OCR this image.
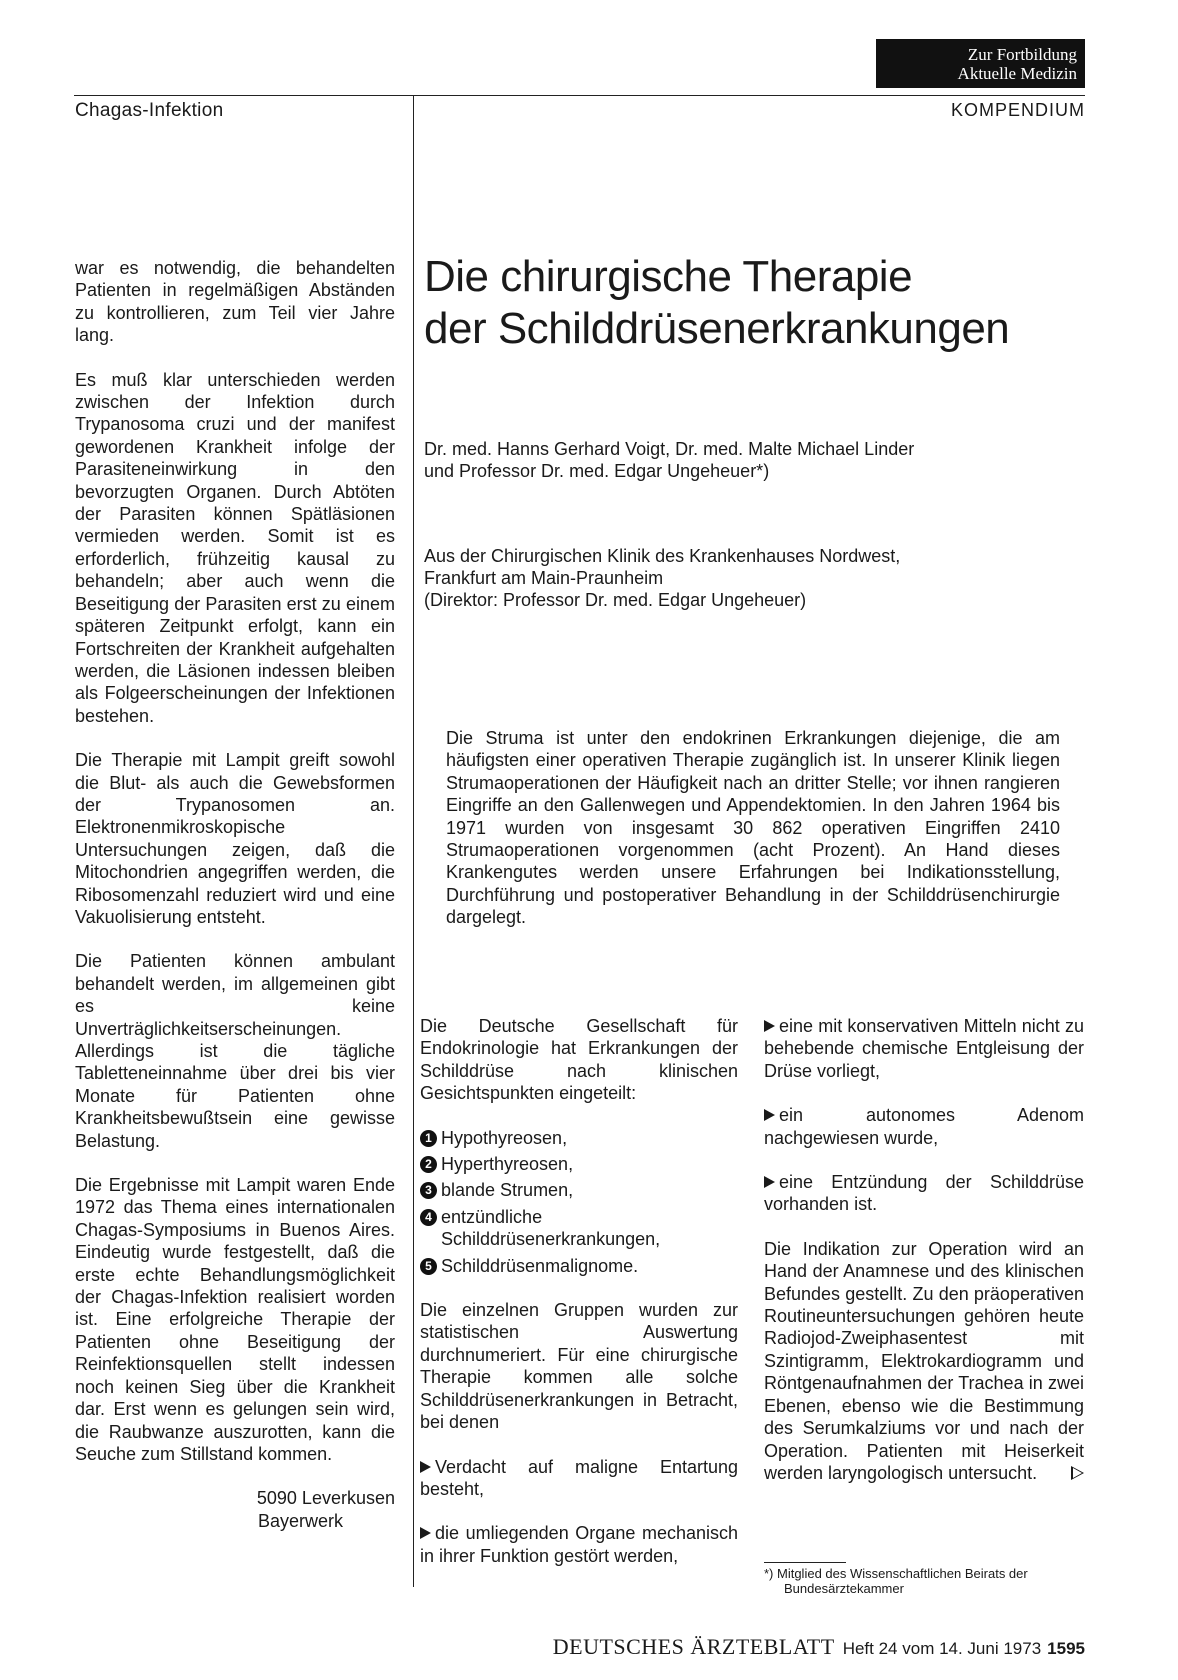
Zur Fortbildung
Aktuelle Medizin
Chagas-Infektion	KOMPENDIUM

war es notwendig, die behandelten Patienten in regelmäßigen Abständen zu kontrollieren, zum Teil vier Jahre lang.

Es muß klar unterschieden werden zwischen der Infektion durch Trypanosoma cruzi und der manifest gewordenen Krankheit infolge der Parasiteneinwirkung in den bevorzugten Organen. Durch Abtöten der Parasiten können Spätläsionen vermieden werden. Somit ist es erforderlich, frühzeitig kausal zu behandeln; aber auch wenn die Beseitigung der Parasiten erst zu einem späteren Zeitpunkt erfolgt, kann ein Fortschreiten der Krankheit aufgehalten werden, die Läsionen indessen bleiben als Folgeerscheinungen der Infektionen bestehen.

Die Therapie mit Lampit greift sowohl die Blut- als auch die Gewebsformen der Trypanosomen an. Elektronenmikroskopische Untersuchungen zeigen, daß die Mitochondrien angegriffen werden, die Ribosomenzahl reduziert wird und eine Vakuolisierung entsteht.

Die Patienten können ambulant behandelt werden, im allgemeinen gibt es keine Unverträglichkeitserscheinungen. Allerdings ist die tägliche Tabletteneinnahme über drei bis vier Monate für Patienten ohne Krankheitsbewußtsein eine gewisse Belastung.

Die Ergebnisse mit Lampit waren Ende 1972 das Thema eines internationalen Chagas-Symposiums in Buenos Aires. Eindeutig wurde festgestellt, daß die erste echte Behandlungsmöglichkeit der Chagas-Infektion realisiert worden ist. Eine erfolgreiche Therapie der Patienten ohne Beseitigung der Reinfektionsquellen stellt indessen noch keinen Sieg über die Krankheit dar. Erst wenn es gelungen sein wird, die Raubwanze auszurotten, kann die Seuche zum Stillstand kommen.

5090 Leverkusen

Bayerwerk

Die chirurgische Therapie
der Schilddrüsenerkrankungen
Dr. med. Hanns Gerhard Voigt, Dr. med. Malte Michael Linder
und Professor Dr. med. Edgar Ungeheuer*)
Aus der Chirurgischen Klinik des Krankenhauses Nordwest,
Frankfurt am Main-Praunheim
(Direktor: Professor Dr. med. Edgar Ungeheuer)

Die Struma ist unter den endokrinen Erkrankungen diejenige, die am häufigsten einer operativen Therapie zugänglich ist. In unserer Klinik liegen Strumaoperationen der Häufigkeit nach an dritter Stelle; vor ihnen rangieren Eingriffe an den Gallenwegen und Appendektomien. In den Jahren 1964 bis 1971 wurden von insgesamt 30 862 operativen Eingriffen 2410 Strumaoperationen vorgenommen (acht Prozent). An Hand dieses Krankengutes werden unsere Erfahrungen bei Indikationsstellung, Durchführung und postoperativer Behandlung in der Schilddrüsenchirurgie dargelegt.

Die Deutsche Gesellschaft für Endokrinologie hat Erkrankungen der Schilddrüse nach klinischen Gesichtspunkten eingeteilt:

1 Hypothyreosen,
2 Hyperthyreosen,
3 blande Strumen,
4 entzündliche Schilddrüsenerkrankungen,
5 Schilddrüsenmalignome.

Die einzelnen Gruppen wurden zur statistischen Auswertung durchnumeriert. Für eine chirurgische Therapie kommen alle solche Schilddrüsenerkrankungen in Betracht, bei denen

Verdacht auf maligne Entartung besteht,

die umliegenden Organe mechanisch in ihrer Funktion gestört werden,

eine mit konservativen Mitteln nicht zu behebende chemische Entgleisung der Drüse vorliegt,

ein autonomes Adenom nachgewiesen wurde,

eine Entzündung der Schilddrüse vorhanden ist.

Die Indikation zur Operation wird an Hand der Anamnese und des klinischen Befundes gestellt. Zu den präoperativen Routineuntersuchungen gehören heute Radiojod-Zweiphasentest mit Szintigramm, Elektrokardiogramm und Röntgenaufnahmen der Trachea in zwei Ebenen, ebenso wie die Bestimmung des Serumkalziums vor und nach der Operation. Patienten mit Heiserkeit werden laryngologisch untersucht.

*) Mitglied des Wissenschaftlichen Beirats der Bundesärztekammer
DEUTSCHES ÄRZTEBLATT Heft 24 vom 14. Juni 1973 1595
